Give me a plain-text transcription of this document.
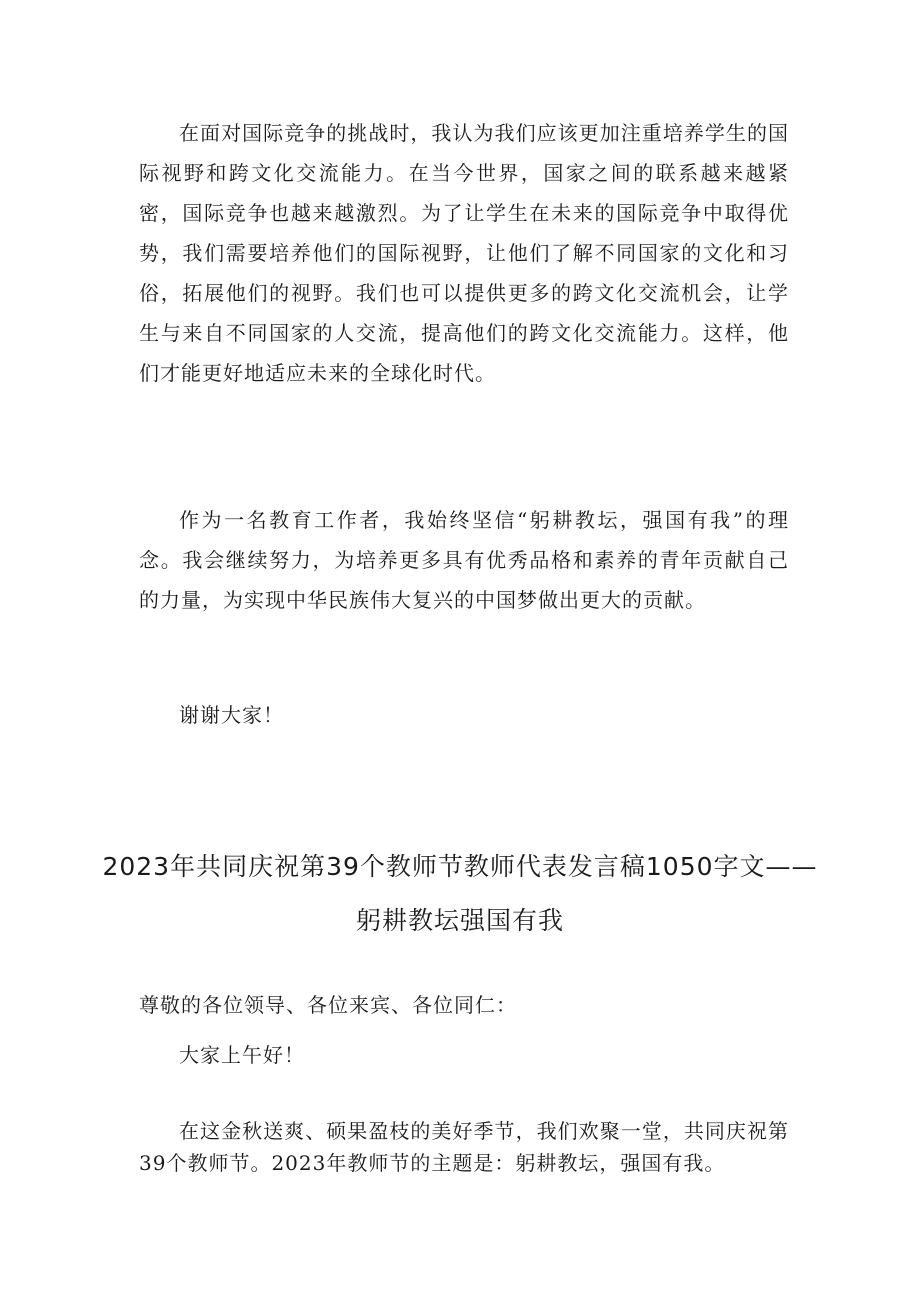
在面对国际竞争的挑战时，我认为我们应该更加注重培养学生的国际视野和跨文化交流能力。在当今世界，国家之间的联系越来越紧密，国际竞争也越来越激烈。为了让学生在未来的国际竞争中取得优势，我们需要培养他们的国际视野，让他们了解不同国家的文化和习俗，拓展他们的视野。我们也可以提供更多的跨文化交流机会，让学生与来自不同国家的人交流，提高他们的跨文化交流能力。这样，他们才能更好地适应未来的全球化时代。

作为一名教育工作者，我始终坚信“躬耕教坛，强国有我”的理念。我会继续努力，为培养更多具有优秀品格和素养的青年贡献自己的力量，为实现中华民族伟大复兴的中国梦做出更大的贡献。

谢谢大家！

2023年共同庆祝第39个教师节教师代表发言稿1050字文——躬耕教坛强国有我

尊敬的各位领导、各位来宾、各位同仁：

大家上午好！

在这金秋送爽、硕果盈枝的美好季节，我们欢聚一堂，共同庆祝第39个教师节。2023年教师节的主题是：躬耕教坛，强国有我。
